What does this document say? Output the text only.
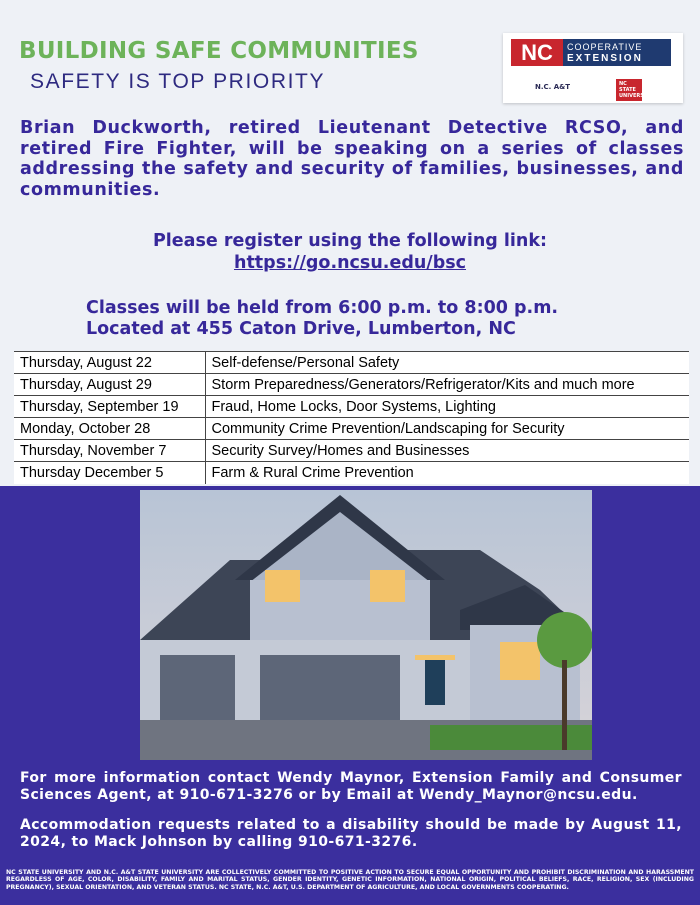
BUILDING SAFE COMMUNITIES
SAFETY IS TOP PRIORITY
NC	COOPERATIVE
EXTENSION
N.C. A&T	NC STATE UNIVERSITY

Brian Duckworth, retired Lieutenant Detective RCSO, and retired Fire Fighter, will be speaking on a series of classes addressing the safety and security of families, businesses, and communities.

Please register using the following link:
https://go.ncsu.edu/bsc
Classes will be held from 6:00 p.m. to 8:00 p.m.
Located at 455 Caton Drive, Lumberton, NC
Thursday, August 22	Self-defense/Personal Safety
Thursday, August 29	Storm Preparedness/Generators/Refrigerator/Kits and much more
Thursday, September 19	Fraud, Home Locks, Door Systems, Lighting
Monday, October 28	Community Crime Prevention/Landscaping for Security
Thursday, November 7	Security Survey/Homes and Businesses
Thursday December 5	Farm & Rural Crime Prevention

For more information contact Wendy Maynor, Extension Family and Consumer Sciences Agent, at 910-671-3276 or by Email at Wendy_Maynor@ncsu.edu.

Accommodation requests related to a disability should be made by August 11, 2024, to Mack Johnson by calling 910-671-3276.

NC STATE UNIVERSITY AND N.C. A&T STATE UNIVERSITY ARE COLLECTIVELY COMMITTED TO POSITIVE ACTION TO SECURE EQUAL OPPORTUNITY AND PROHIBIT DISCRIMINATION AND HARASSMENT REGARDLESS OF AGE, COLOR, DISABILITY, FAMILY AND MARITAL STATUS, GENDER IDENTITY, GENETIC INFORMATION, NATIONAL ORIGIN, POLITICAL BELIEFS, RACE, RELIGION, SEX (INCLUDING PREGNANCY), SEXUAL ORIENTATION, AND VETERAN STATUS. NC STATE, N.C. A&T, U.S. DEPARTMENT OF AGRICULTURE, AND LOCAL GOVERNMENTS COOPERATING.
